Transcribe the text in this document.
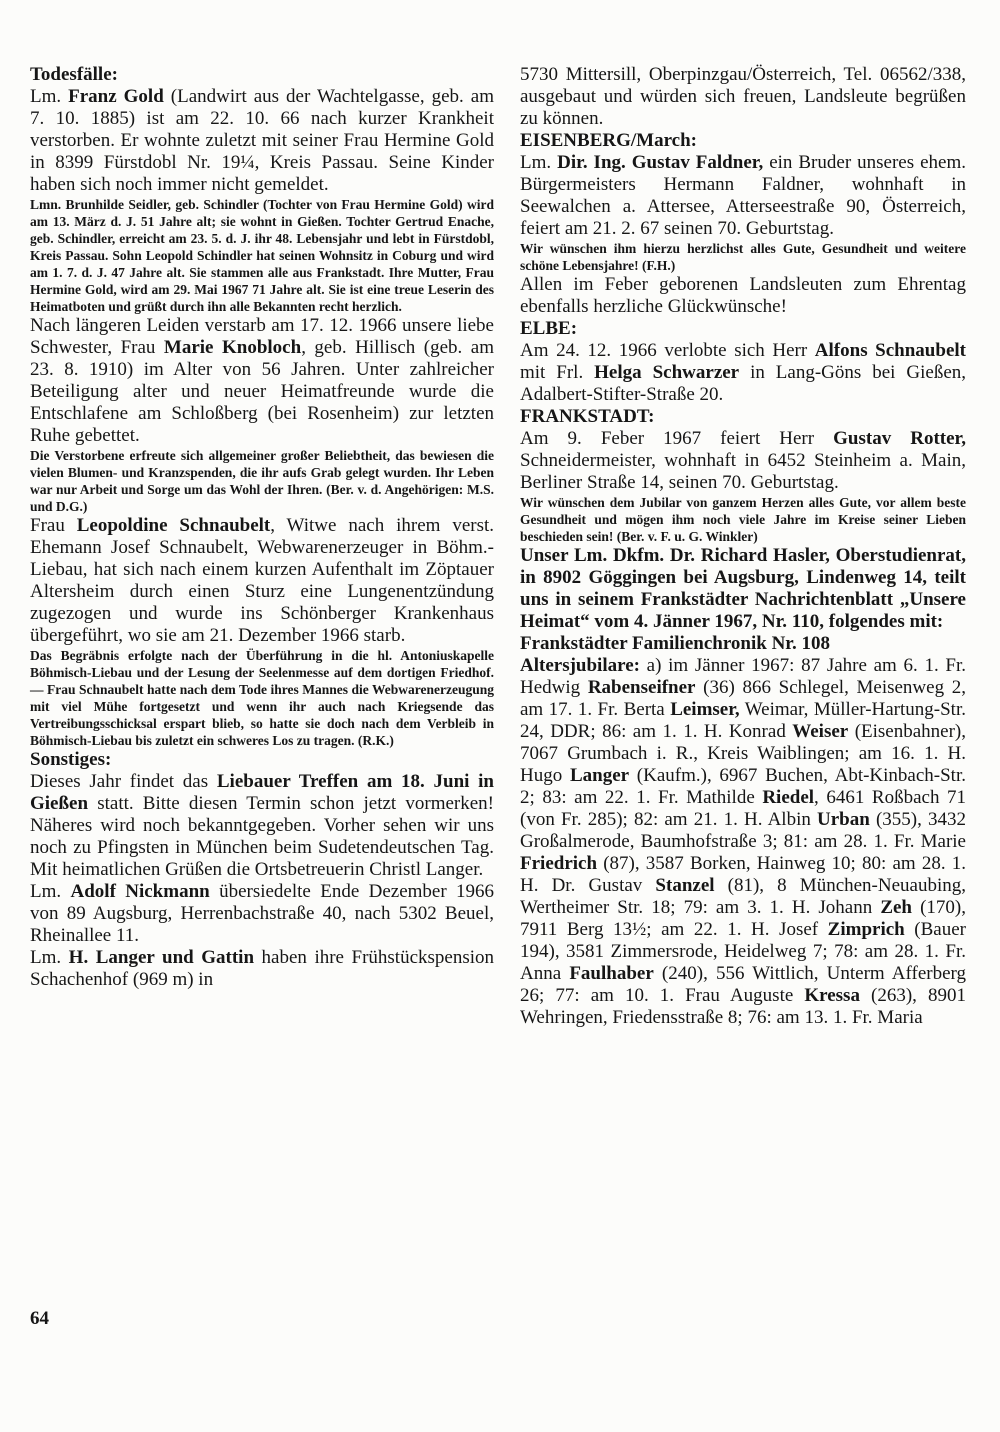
Todesfälle:

Lm. Franz Gold (Landwirt aus der Wachtelgasse, geb. am 7. 10. 1885) ist am 22. 10. 66 nach kurzer Krankheit verstorben. Er wohnte zuletzt mit seiner Frau Hermine Gold in 8399 Fürstdobl Nr. 19¼, Kreis Passau. Seine Kinder haben sich noch immer nicht gemeldet.

Lmn. Brunhilde Seidler, geb. Schindler (Tochter von Frau Hermine Gold) wird am 13. März d. J. 51 Jahre alt; sie wohnt in Gießen. Tochter Gertrud Enache, geb. Schindler, erreicht am 23. 5. d. J. ihr 48. Lebensjahr und lebt in Fürstdobl, Kreis Passau. Sohn Leopold Schindler hat seinen Wohnsitz in Coburg und wird am 1. 7. d. J. 47 Jahre alt. Sie stammen alle aus Frankstadt. Ihre Mutter, Frau Hermine Gold, wird am 29. Mai 1967 71 Jahre alt. Sie ist eine treue Leserin des Heimatboten und grüßt durch ihn alle Bekannten recht herzlich.

Nach längeren Leiden verstarb am 17. 12. 1966 unsere liebe Schwester, Frau Marie Knobloch, geb. Hillisch (geb. am 23. 8. 1910) im Alter von 56 Jahren. Unter zahlreicher Beteiligung alter und neuer Heimatfreunde wurde die Entschlafene am Schloßberg (bei Rosenheim) zur letzten Ruhe gebettet.

Die Verstorbene erfreute sich allgemeiner großer Beliebtheit, das bewiesen die vielen Blumen- und Kranzspenden, die ihr aufs Grab gelegt wurden. Ihr Leben war nur Arbeit und Sorge um das Wohl der Ihren. (Ber. v. d. Angehörigen: M.S. und D.G.)

Frau Leopoldine Schnaubelt, Witwe nach ihrem verst. Ehemann Josef Schnaubelt, Webwarenerzeuger in Böhm.-Liebau, hat sich nach einem kurzen Aufenthalt im Zöptauer Altersheim durch einen Sturz eine Lungenentzündung zugezogen und wurde ins Schönberger Krankenhaus übergeführt, wo sie am 21. Dezember 1966 starb.

Das Begräbnis erfolgte nach der Überführung in die hl. Antoniuskapelle Böhmisch-Liebau und der Lesung der Seelenmesse auf dem dortigen Friedhof. — Frau Schnaubelt hatte nach dem Tode ihres Mannes die Webwarenerzeugung mit viel Mühe fortgesetzt und wenn ihr auch nach Kriegsende das Vertreibungsschicksal erspart blieb, so hatte sie doch nach dem Verbleib in Böhmisch-Liebau bis zuletzt ein schweres Los zu tragen. (R.K.)

Sonstiges:

Dieses Jahr findet das Liebauer Treffen am 18. Juni in Gießen statt. Bitte diesen Termin schon jetzt vormerken! Näheres wird noch bekanntgegeben. Vorher sehen wir uns noch zu Pfingsten in München beim Sudetendeutschen Tag. Mit heimatlichen Grüßen die Ortsbetreuerin Christl Langer.

Lm. Adolf Nickmann übersiedelte Ende Dezember 1966 von 89 Augsburg, Herrenbachstraße 40, nach 5302 Beuel, Rheinallee 11.

Lm. H. Langer und Gattin haben ihre Frühstückspension Schachenhof (969 m) in

5730 Mittersill, Oberpinzgau/Österreich, Tel. 06562/338, ausgebaut und würden sich freuen, Landsleute begrüßen zu können.

EISENBERG/March:

Lm. Dir. Ing. Gustav Faldner, ein Bruder unseres ehem. Bürgermeisters Hermann Faldner, wohnhaft in Seewalchen a. Attersee, Atterseestraße 90, Österreich, feiert am 21. 2. 67 seinen 70. Geburtstag.

Wir wünschen ihm hierzu herzlichst alles Gute, Gesundheit und weitere schöne Lebensjahre! (F.H.)

Allen im Feber geborenen Landsleuten zum Ehrentag ebenfalls herzliche Glückwünsche!

ELBE:

Am 24. 12. 1966 verlobte sich Herr Alfons Schnaubelt mit Frl. Helga Schwarzer in Lang-Göns bei Gießen, Adalbert-Stifter-Straße 20.

FRANKSTADT:

Am 9. Feber 1967 feiert Herr Gustav Rotter, Schneidermeister, wohnhaft in 6452 Steinheim a. Main, Berliner Straße 14, seinen 70. Geburtstag.

Wir wünschen dem Jubilar von ganzem Herzen alles Gute, vor allem beste Gesundheit und mögen ihm noch viele Jahre im Kreise seiner Lieben beschieden sein! (Ber. v. F. u. G. Winkler)

Unser Lm. Dkfm. Dr. Richard Hasler, Oberstudienrat, in 8902 Göggingen bei Augsburg, Lindenweg 14, teilt uns in seinem Frankstädter Nachrichtenblatt „Unsere Heimat“ vom 4. Jänner 1967, Nr. 110, folgendes mit:

Frankstädter Familienchronik Nr. 108

Altersjubilare: a) im Jänner 1967: 87 Jahre am 6. 1. Fr. Hedwig Rabenseifner (36) 866 Schlegel, Meisenweg 2, am 17. 1. Fr. Berta Leimser, Weimar, Müller-Hartung-Str. 24, DDR; 86: am 1. 1. H. Konrad Weiser (Eisenbahner), 7067 Grumbach i. R., Kreis Waiblingen; am 16. 1. H. Hugo Langer (Kaufm.), 6967 Buchen, Abt-Kinbach-Str. 2; 83: am 22. 1. Fr. Mathilde Riedel, 6461 Roßbach 71 (von Fr. 285); 82: am 21. 1. H. Albin Urban (355), 3432 Großalmerode, Baumhofstraße 3; 81: am 28. 1. Fr. Marie Friedrich (87), 3587 Borken, Hainweg 10; 80: am 28. 1. H. Dr. Gustav Stanzel (81), 8 München-Neuaubing, Wertheimer Str. 18; 79: am 3. 1. H. Johann Zeh (170), 7911 Berg 13½; am 22. 1. H. Josef Zimprich (Bauer 194), 3581 Zimmersrode, Heidelweg 7; 78: am 28. 1. Fr. Anna Faulhaber (240), 556 Wittlich, Unterm Afferberg 26; 77: am 10. 1. Frau Auguste Kressa (263), 8901 Wehringen, Friedensstraße 8; 76: am 13. 1. Fr. Maria

64
